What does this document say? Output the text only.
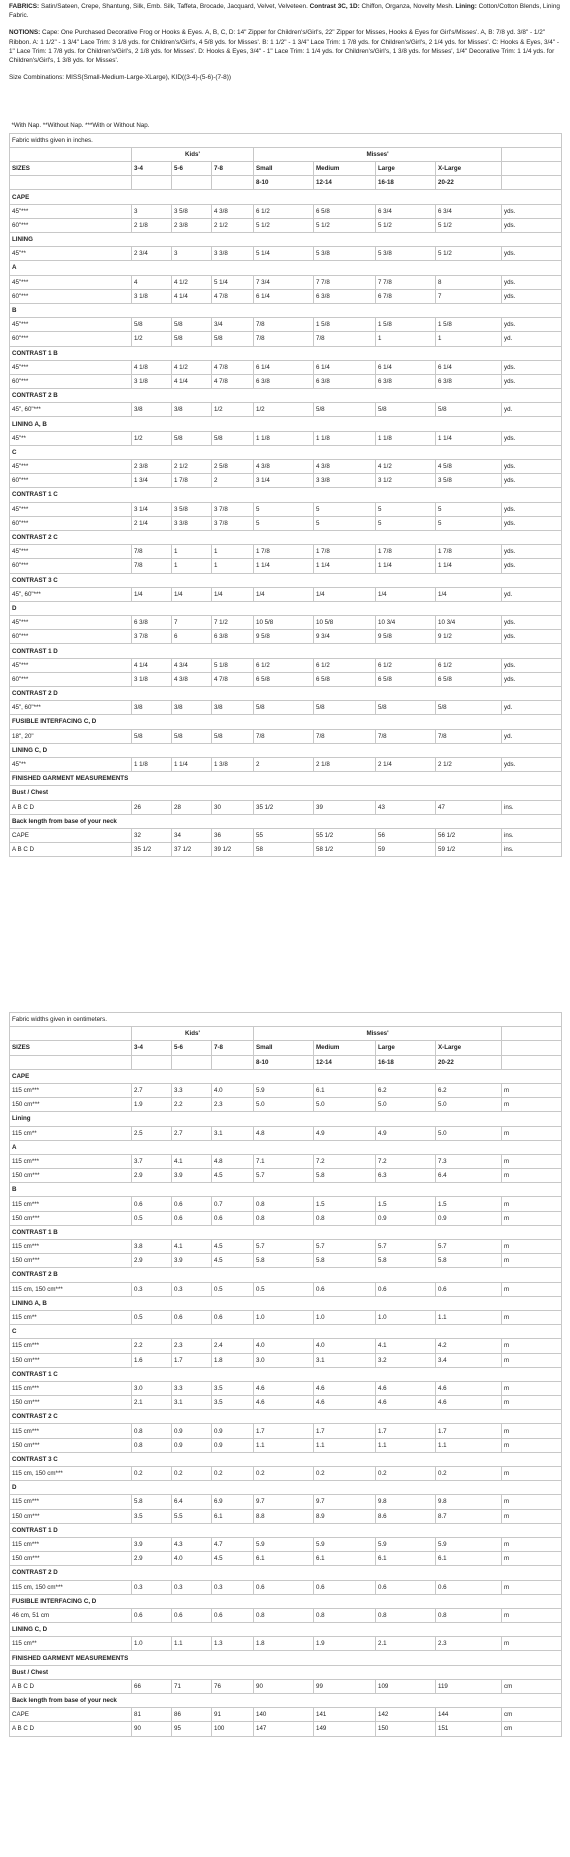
FABRICS: Satin/Sateen, Crepe, Shantung, Silk, Emb. Silk, Taffeta, Brocade, Jacquard, Velvet, Velveteen. Contrast 3C, 1D: Chiffon, Organza, Novelty Mesh. Lining: Cotton/Cotton Blends, Lining Fabric.

NOTIONS: Cape: One Purchased Decorative Frog or Hooks & Eyes. A, B, C, D: 14" Zipper for Children's/Girl's, 22" Zipper for Misses, Hooks & Eyes for Girl's/Misses'. A, B: 7/8 yd. 3/8" - 1/2" Ribbon. A: 1 1/2" - 1 3/4" Lace Trim: 3 1/8 yds. for Children's/Girl's, 4 5/8 yds. for Misses'. B: 1 1/2" - 1 3/4" Lace Trim: 1 7/8 yds. for Children's/Girl's, 2 1/4 yds. for Misses'. C: Hooks & Eyes, 3/4" - 1" Lace Trim: 1 7/8 yds. for Children's/Girl's, 2 1/8 yds. for Misses'. D: Hooks & Eyes, 3/4" - 1" Lace Trim: 1 1/4 yds. for Children's/Girl's, 1 3/8 yds. for Misses', 1/4" Decorative Trim: 1 1/4 yds. for Children's/Girl's, 1 3/8 yds. for Misses'.

Size Combinations: MISS(Small-Medium-Large-XLarge), KID((3-4)-(5-6)-(7-8))

*With Nap. **Without Nap. ***With or Without Nap.								
Fabric widths given in inches.								
	Kids'			Misses'				
SIZES	3-4	5-6	7-8	Small	Medium	Large	X-Large	
				8-10	12-14	16-18	20-22	
CAPE								
45"***	3	3 5/8	4 3/8	6 1/2	6 5/8	6 3/4	6 3/4	yds.
60"***	2 1/8	2 3/8	2 1/2	5 1/2	5 1/2	5 1/2	5 1/2	yds.
LINING								
45"**	2 3/4	3	3 3/8	5 1/4	5 3/8	5 3/8	5 1/2	yds.
A								
45"***	4	4 1/2	5 1/4	7 3/4	7 7/8	7 7/8	8	yds.
60"***	3 1/8	4 1/4	4 7/8	6 1/4	6 3/8	6 7/8	7	yds.
B								
45"***	5/8	5/8	3/4	7/8	1 5/8	1 5/8	1 5/8	yds.
60"***	1/2	5/8	5/8	7/8	7/8	1	1	yd.
CONTRAST 1 B								
45"***	4 1/8	4 1/2	4 7/8	6 1/4	6 1/4	6 1/4	6 1/4	yds.
60"***	3 1/8	4 1/4	4 7/8	6 3/8	6 3/8	6 3/8	6 3/8	yds.
CONTRAST 2 B								
45", 60"***	3/8	3/8	1/2	1/2	5/8	5/8	5/8	yd.
LINING A, B								
45"**	1/2	5/8	5/8	1 1/8	1 1/8	1 1/8	1 1/4	yds.
C								
45"***	2 3/8	2 1/2	2 5/8	4 3/8	4 3/8	4 1/2	4 5/8	yds.
60"***	1 3/4	1 7/8	2	3 1/4	3 3/8	3 1/2	3 5/8	yds.
CONTRAST 1 C								
45"***	3 1/4	3 5/8	3 7/8	5	5	5	5	yds.
60"***	2 1/4	3 3/8	3 7/8	5	5	5	5	yds.
CONTRAST 2 C								
45"***	7/8	1	1	1 7/8	1 7/8	1 7/8	1 7/8	yds.
60"***	7/8	1	1	1 1/4	1 1/4	1 1/4	1 1/4	yds.
CONTRAST 3 C								
45", 60"***	1/4	1/4	1/4	1/4	1/4	1/4	1/4	yd.
D								
45"***	6 3/8	7	7 1/2	10 5/8	10 5/8	10 3/4	10 3/4	yds.
60"***	3 7/8	6	6 3/8	9 5/8	9 3/4	9 5/8	9 1/2	yds.
CONTRAST 1 D								
45"***	4 1/4	4 3/4	5 1/8	6 1/2	6 1/2	6 1/2	6 1/2	yds.
60"***	3 1/8	4 3/8	4 7/8	6 5/8	6 5/8	6 5/8	6 5/8	yds.
CONTRAST 2 D								
45", 60"***	3/8	3/8	3/8	5/8	5/8	5/8	5/8	yd.
FUSIBLE INTERFACING C, D								
18", 20"	5/8	5/8	5/8	7/8	7/8	7/8	7/8	yd.
LINING C, D								
45"**	1 1/8	1 1/4	1 3/8	2	2 1/8	2 1/4	2 1/2	yds.
FINISHED GARMENT MEASUREMENTS								
Bust / Chest								
A B C D	26	28	30	35 1/2	39	43	47	ins.
Back length from base of your neck								
CAPE	32	34	36	55	55 1/2	56	56 1/2	ins.
A B C D	35 1/2	37 1/2	39 1/2	58	58 1/2	59	59 1/2	ins.
Fabric widths given in centimeters.								
	Kids'			Misses'				
SIZES	3-4	5-6	7-8	Small	Medium	Large	X-Large	
				8-10	12-14	16-18	20-22	
CAPE								
115 cm***	2.7	3.3	4.0	5.9	6.1	6.2	6.2	m
150 cm***	1.9	2.2	2.3	5.0	5.0	5.0	5.0	m
Lining								
115 cm**	2.5	2.7	3.1	4.8	4.9	4.9	5.0	m
A								
115 cm***	3.7	4.1	4.8	7.1	7.2	7.2	7.3	m
150 cm***	2.9	3.9	4.5	5.7	5.8	6.3	6.4	m
B								
115 cm***	0.6	0.6	0.7	0.8	1.5	1.5	1.5	m
150 cm***	0.5	0.6	0.6	0.8	0.8	0.9	0.9	m
CONTRAST 1 B								
115 cm***	3.8	4.1	4.5	5.7	5.7	5.7	5.7	m
150 cm***	2.9	3.9	4.5	5.8	5.8	5.8	5.8	m
CONTRAST 2 B								
115 cm, 150 cm***	0.3	0.3	0.5	0.5	0.6	0.6	0.6	m
LINING A, B								
115 cm**	0.5	0.6	0.6	1.0	1.0	1.0	1.1	m
C								
115 cm***	2.2	2.3	2.4	4.0	4.0	4.1	4.2	m
150 cm***	1.6	1.7	1.8	3.0	3.1	3.2	3.4	m
CONTRAST 1 C								
115 cm***	3.0	3.3	3.5	4.6	4.6	4.6	4.6	m
150 cm***	2.1	3.1	3.5	4.6	4.6	4.6	4.6	m
CONTRAST 2 C								
115 cm***	0.8	0.9	0.9	1.7	1.7	1.7	1.7	m
150 cm***	0.8	0.9	0.9	1.1	1.1	1.1	1.1	m
CONTRAST 3 C								
115 cm, 150 cm***	0.2	0.2	0.2	0.2	0.2	0.2	0.2	m
D								
115 cm***	5.8	6.4	6.9	9.7	9.7	9.8	9.8	m
150 cm***	3.5	5.5	6.1	8.8	8.9	8.6	8.7	m
CONTRAST 1 D								
115 cm***	3.9	4.3	4.7	5.9	5.9	5.9	5.9	m
150 cm***	2.9	4.0	4.5	6.1	6.1	6.1	6.1	m
CONTRAST 2 D								
115 cm, 150 cm***	0.3	0.3	0.3	0.6	0.6	0.6	0.6	m
FUSIBLE INTERFACING C, D								
46 cm, 51 cm	0.6	0.6	0.6	0.8	0.8	0.8	0.8	m
LINING C, D								
115 cm**	1.0	1.1	1.3	1.8	1.9	2.1	2.3	m
FINISHED GARMENT MEASUREMENTS								
Bust / Chest								
A B C D	66	71	76	90	99	109	119	cm
Back length from base of your neck								
CAPE	81	86	91	140	141	142	144	cm
A B C D	90	95	100	147	149	150	151	cm
